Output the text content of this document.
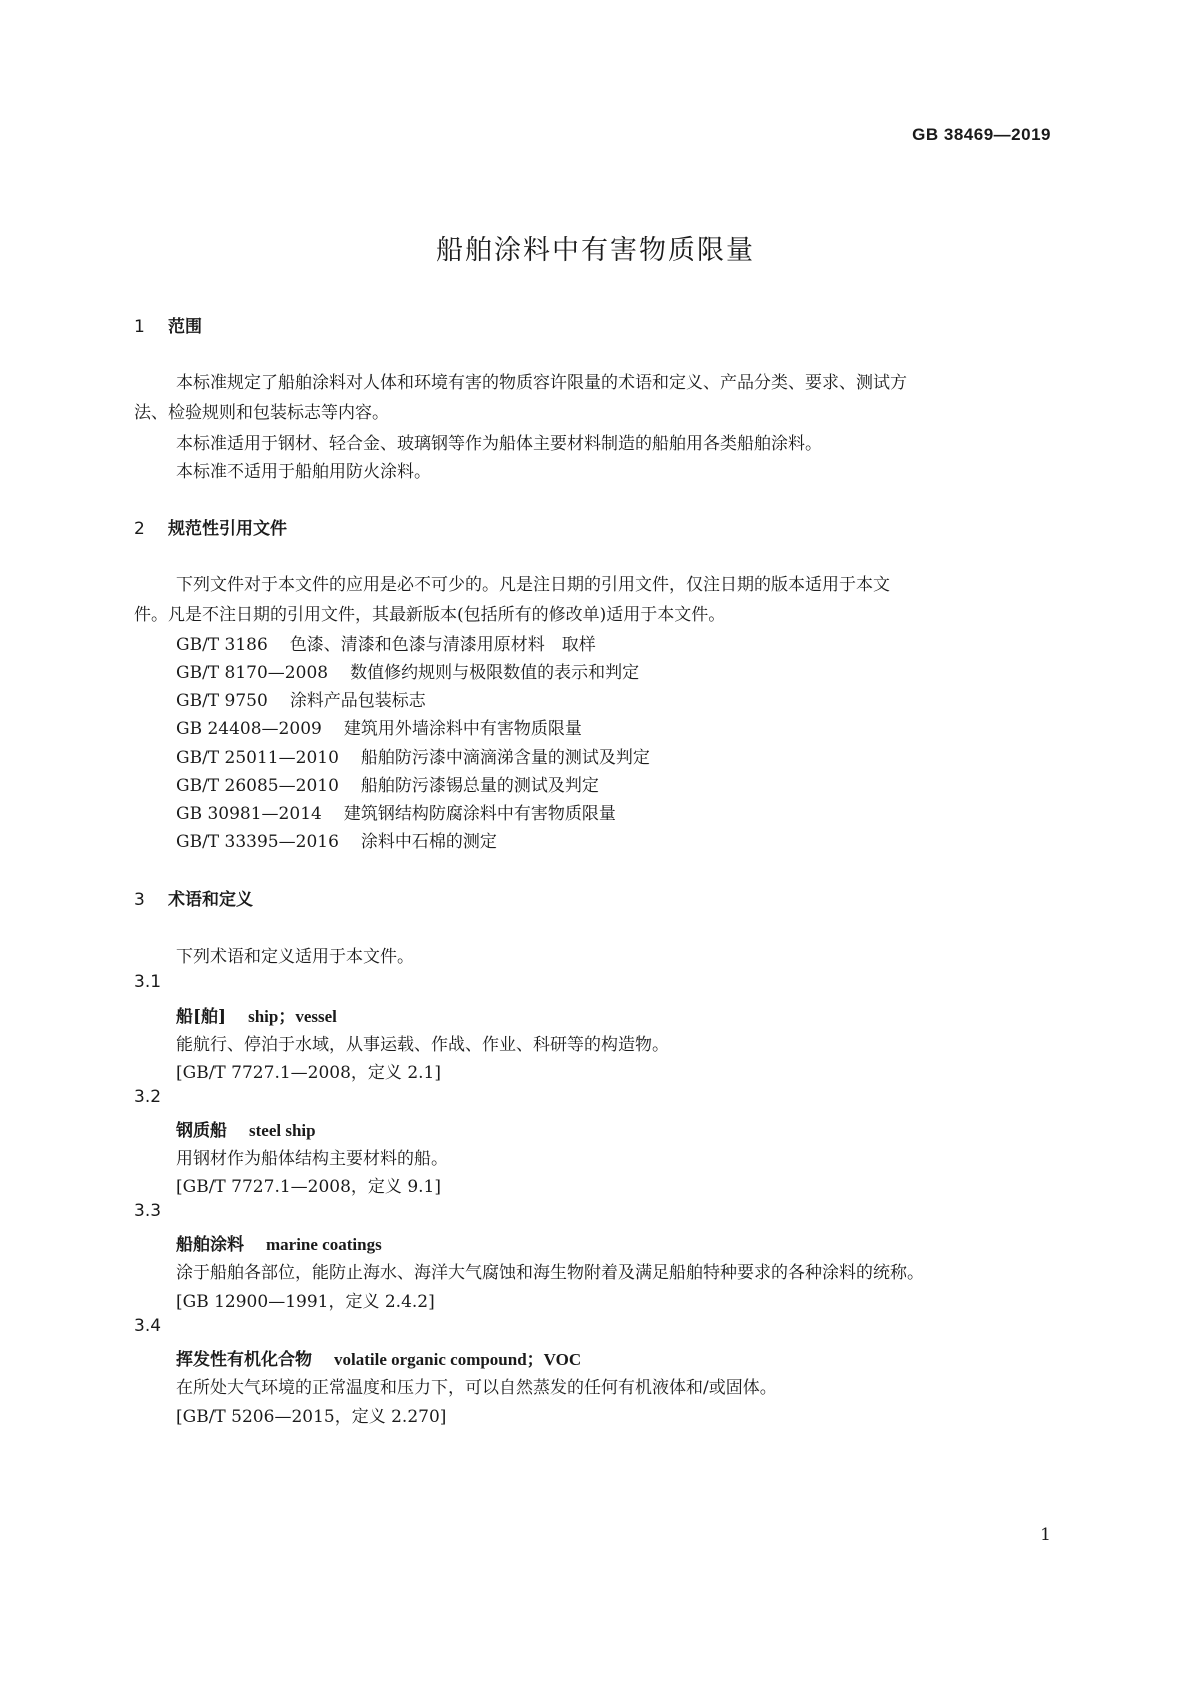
GB 38469—2019
船舶涂料中有害物质限量
1 范围
本标准规定了船舶涂料对人体和环境有害的物质容许限量的术语和定义、产品分类、要求、测试方
法、检验规则和包装标志等内容。
本标准适用于钢材、轻合金、玻璃钢等作为船体主要材料制造的船舶用各类船舶涂料。
本标准不适用于船舶用防火涂料。
2 规范性引用文件
下列文件对于本文件的应用是必不可少的。凡是注日期的引用文件，仅注日期的版本适用于本文
件。凡是不注日期的引用文件，其最新版本(包括所有的修改单)适用于本文件。
GB/T 3186 色漆、清漆和色漆与清漆用原材料　取样
GB/T 8170—2008 数值修约规则与极限数值的表示和判定
GB/T 9750 涂料产品包装标志
GB 24408—2009 建筑用外墙涂料中有害物质限量
GB/T 25011—2010 船舶防污漆中滴滴涕含量的测试及判定
GB/T 26085—2010 船舶防污漆锡总量的测试及判定
GB 30981—2014 建筑钢结构防腐涂料中有害物质限量
GB/T 33395—2016 涂料中石棉的测定
3 术语和定义
下列术语和定义适用于本文件。
3.1
船[舶] ship；vessel
能航行、停泊于水域，从事运载、作战、作业、科研等的构造物。
[GB/T 7727.1—2008，定义 2.1]
3.2
钢质船 steel ship
用钢材作为船体结构主要材料的船。
[GB/T 7727.1—2008，定义 9.1]
3.3
船舶涂料 marine coatings
涂于船舶各部位，能防止海水、海洋大气腐蚀和海生物附着及满足船舶特种要求的各种涂料的统称。
[GB 12900—1991，定义 2.4.2]
3.4
挥发性有机化合物 volatile organic compound；VOC
在所处大气环境的正常温度和压力下，可以自然蒸发的任何有机液体和/或固体。
[GB/T 5206—2015，定义 2.270]
1
